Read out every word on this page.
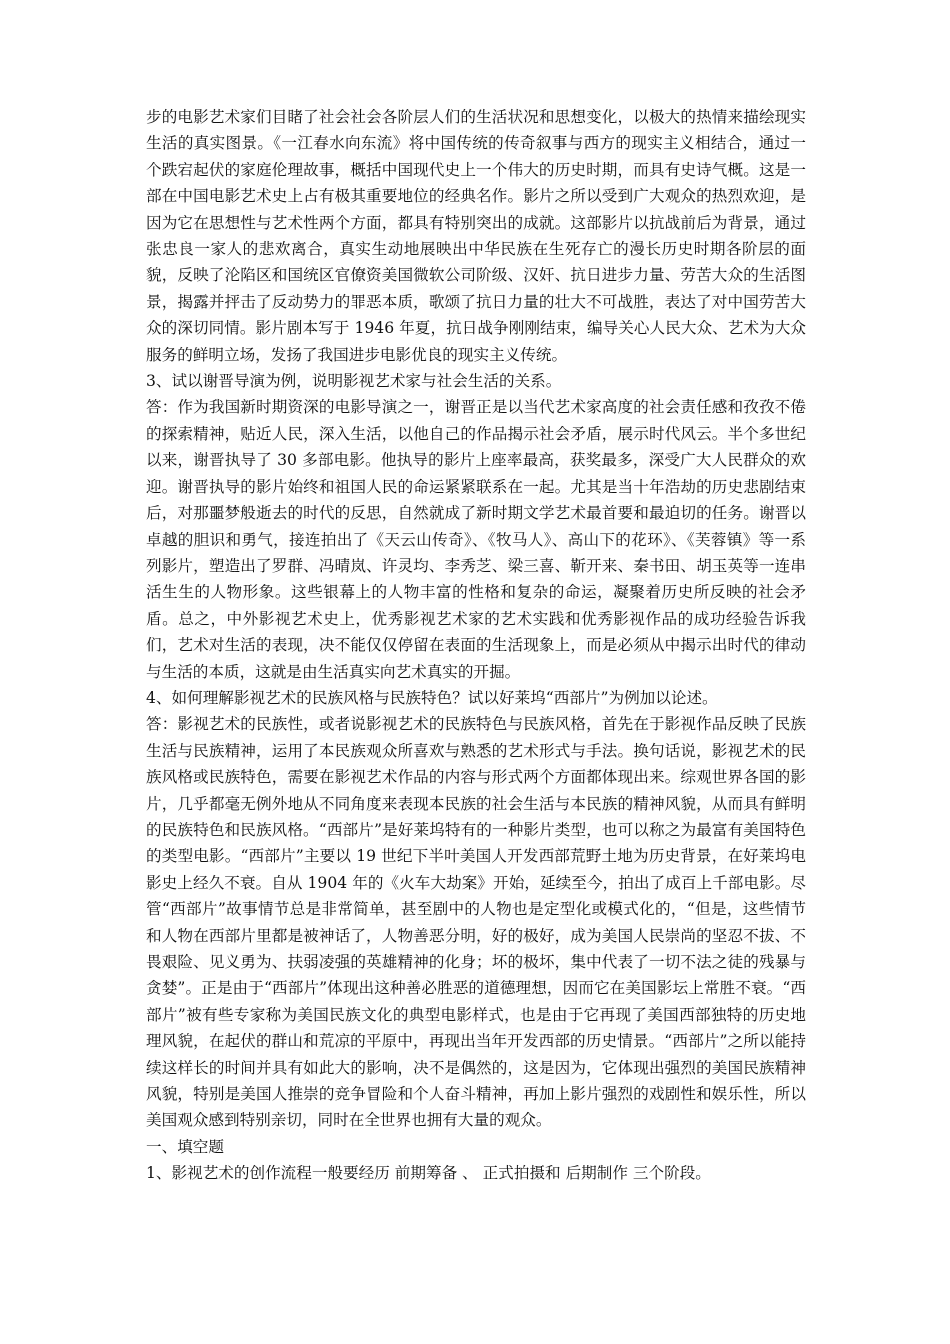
步的电影艺术家们目睹了社会社会各阶层人们的生活状况和思想变化，以极大的热情来描绘现实生活的真实图景。《一江春水向东流》将中国传统的传奇叙事与西方的现实主义相结合，通过一个跌宕起伏的家庭伦理故事，概括中国现代史上一个伟大的历史时期，而具有史诗气概。这是一部在中国电影艺术史上占有极其重要地位的经典名作。影片之所以受到广大观众的热烈欢迎，是因为它在思想性与艺术性两个方面，都具有特别突出的成就。这部影片以抗战前后为背景，通过张忠良一家人的悲欢离合，真实生动地展映出中华民族在生死存亡的漫长历史时期各阶层的面貌，反映了沦陷区和国统区官僚资美国微软公司阶级、汉奸、抗日进步力量、劳苦大众的生活图景，揭露并抨击了反动势力的罪恶本质，歌颂了抗日力量的壮大不可战胜，表达了对中国劳苦大众的深切同情。影片剧本写于 1946 年夏，抗日战争刚刚结束，编导关心人民大众、艺术为大众服务的鲜明立场，发扬了我国进步电影优良的现实主义传统。

3、试以谢晋导演为例，说明影视艺术家与社会生活的关系。

答：作为我国新时期资深的电影导演之一，谢晋正是以当代艺术家高度的社会责任感和孜孜不倦的探索精神，贴近人民，深入生活，以他自己的作品揭示社会矛盾，展示时代风云。半个多世纪以来，谢晋执导了 30 多部电影。他执导的影片上座率最高，获奖最多，深受广大人民群众的欢迎。谢晋执导的影片始终和祖国人民的命运紧紧联系在一起。尤其是当十年浩劫的历史悲剧结束后，对那噩梦般逝去的时代的反思，自然就成了新时期文学艺术最首要和最迫切的任务。谢晋以卓越的胆识和勇气，接连拍出了《天云山传奇》、《牧马人》、高山下的花环》、《芙蓉镇》等一系列影片，塑造出了罗群、冯晴岚、许灵均、李秀芝、梁三喜、靳开来、秦书田、胡玉英等一连串活生生的人物形象。这些银幕上的人物丰富的性格和复杂的命运，凝聚着历史所反映的社会矛盾。总之，中外影视艺术史上，优秀影视艺术家的艺术实践和优秀影视作品的成功经验告诉我们，艺术对生活的表现，决不能仅仅停留在表面的生活现象上，而是必须从中揭示出时代的律动与生活的本质，这就是由生活真实向艺术真实的开掘。

4、如何理解影视艺术的民族风格与民族特色？试以好莱坞“西部片”为例加以论述。

答：影视艺术的民族性，或者说影视艺术的民族特色与民族风格，首先在于影视作品反映了民族生活与民族精神，运用了本民族观众所喜欢与熟悉的艺术形式与手法。换句话说，影视艺术的民族风格或民族特色，需要在影视艺术作品的内容与形式两个方面都体现出来。综观世界各国的影片，几乎都毫无例外地从不同角度来表现本民族的社会生活与本民族的精神风貌，从而具有鲜明的民族特色和民族风格。“西部片”是好莱坞特有的一种影片类型，也可以称之为最富有美国特色的类型电影。“西部片”主要以 19 世纪下半叶美国人开发西部荒野土地为历史背景，在好莱坞电影史上经久不衰。自从 1904 年的《火车大劫案》开始，延续至今，拍出了成百上千部电影。尽管“西部片”故事情节总是非常简单，甚至剧中的人物也是定型化或模式化的，“但是，这些情节和人物在西部片里都是被神话了，人物善恶分明，好的极好，成为美国人民崇尚的坚忍不拔、不畏艰险、见义勇为、扶弱凌强的英雄精神的化身；坏的极坏，集中代表了一切不法之徒的残暴与贪婪”。正是由于“西部片”体现出这种善必胜恶的道德理想，因而它在美国影坛上常胜不衰。“西部片”被有些专家称为美国民族文化的典型电影样式，也是由于它再现了美国西部独特的历史地理风貌，在起伏的群山和荒凉的平原中，再现出当年开发西部的历史情景。“西部片”之所以能持续这样长的时间并具有如此大的影响，决不是偶然的，这是因为，它体现出强烈的美国民族精神风貌，特别是美国人推崇的竞争冒险和个人奋斗精神，再加上影片强烈的戏剧性和娱乐性，所以美国观众感到特别亲切，同时在全世界也拥有大量的观众。

一、填空题

1、影视艺术的创作流程一般要经历 前期筹备 、 正式拍摄和 后期制作 三个阶段。
